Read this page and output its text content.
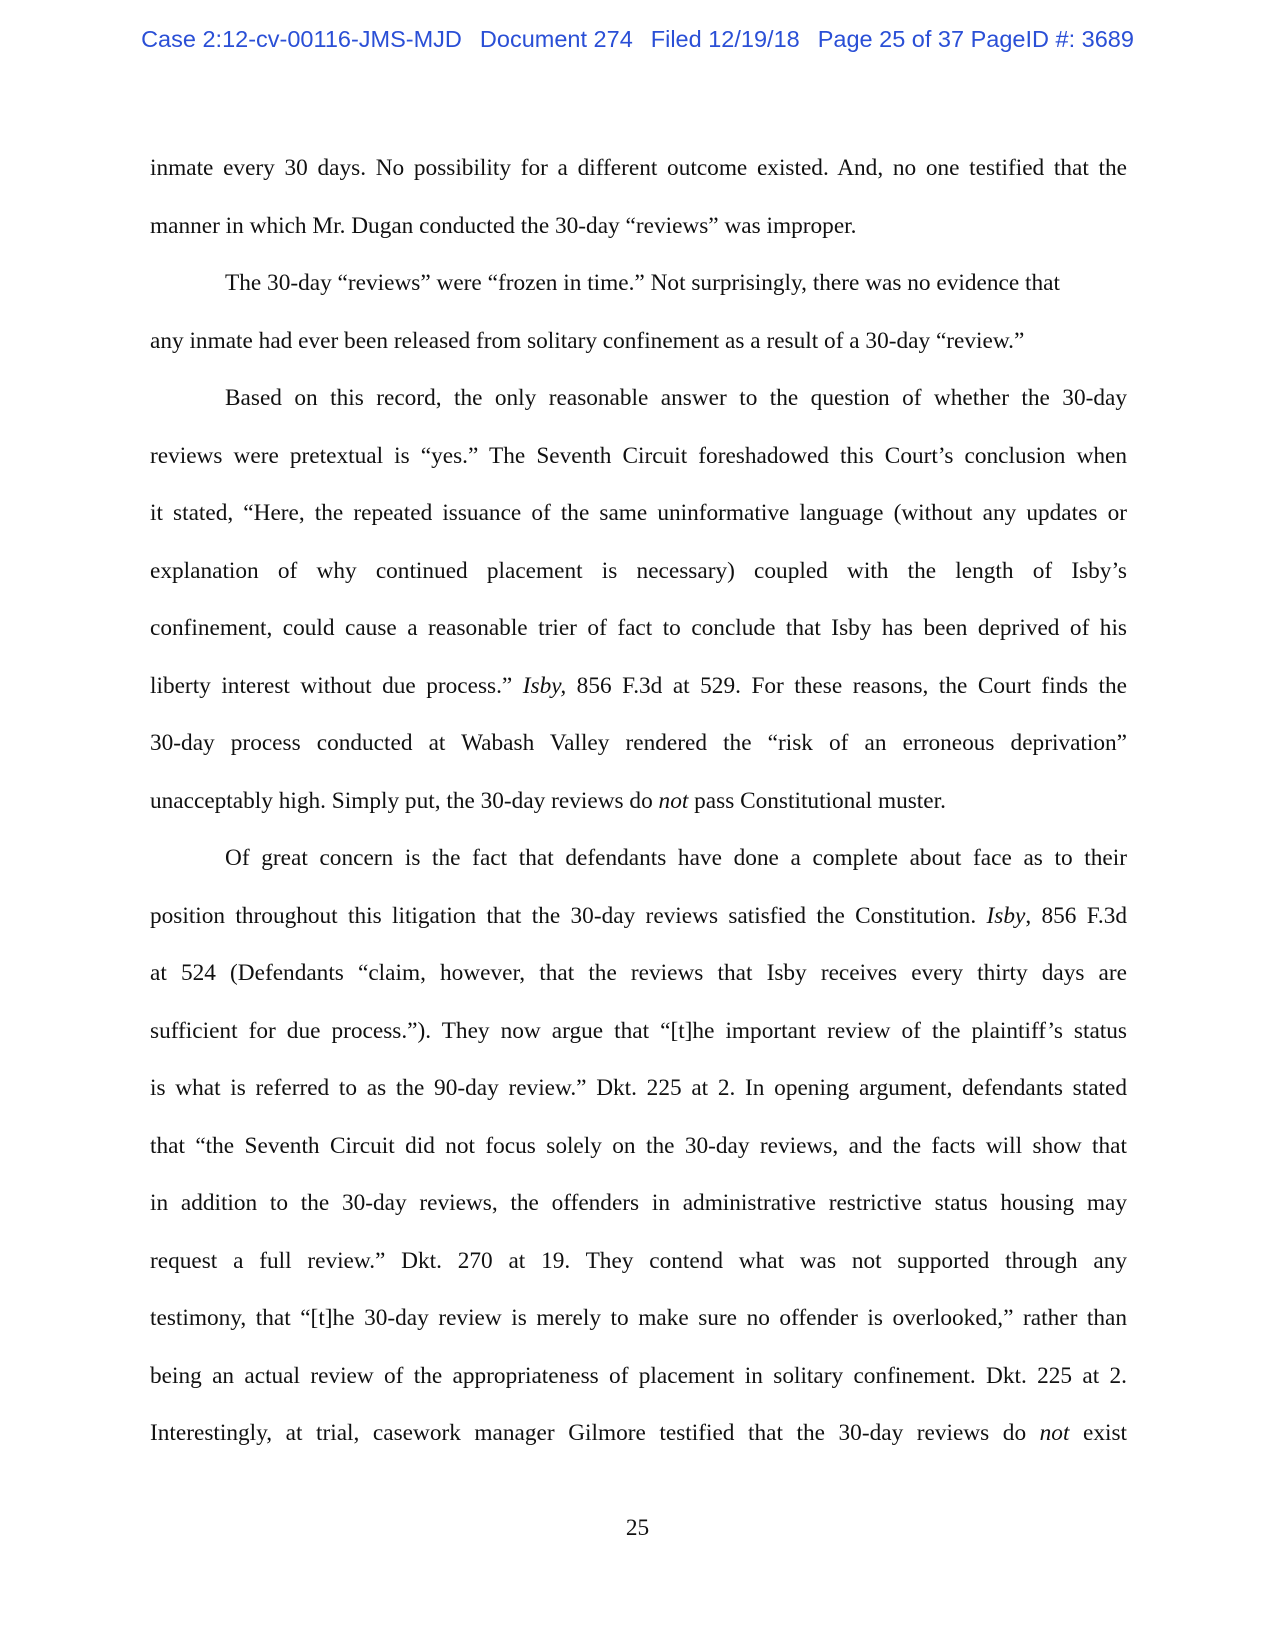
Case 2:12-cv-00116-JMS-MJD Document 274 Filed 12/19/18 Page 25 of 37 PageID #: 3689
inmate every 30 days. No possibility for a different outcome existed. And, no one testified that the
manner in which Mr. Dugan conducted the 30-day “reviews” was improper.
The 30-day “reviews” were “frozen in time.” Not surprisingly, there was no evidence that
any inmate had ever been released from solitary confinement as a result of a 30-day “review.”
Based on this record, the only reasonable answer to the question of whether the 30-day
reviews were pretextual is “yes.” The Seventh Circuit foreshadowed this Court’s conclusion when
it stated, “Here, the repeated issuance of the same uninformative language (without any updates or
explanation of why continued placement is necessary) coupled with the length of Isby’s
confinement, could cause a reasonable trier of fact to conclude that Isby has been deprived of his
liberty interest without due process.” Isby, 856 F.3d at 529. For these reasons, the Court finds the
30-day process conducted at Wabash Valley rendered the “risk of an erroneous deprivation”
unacceptably high. Simply put, the 30-day reviews do not pass Constitutional muster.
Of great concern is the fact that defendants have done a complete about face as to their
position throughout this litigation that the 30-day reviews satisfied the Constitution. Isby, 856 F.3d
at 524 (Defendants “claim, however, that the reviews that Isby receives every thirty days are
sufficient for due process.”). They now argue that “[t]he important review of the plaintiff’s status
is what is referred to as the 90-day review.” Dkt. 225 at 2. In opening argument, defendants stated
that “the Seventh Circuit did not focus solely on the 30-day reviews, and the facts will show that
in addition to the 30-day reviews, the offenders in administrative restrictive status housing may
request a full review.” Dkt. 270 at 19. They contend what was not supported through any
testimony, that “[t]he 30-day review is merely to make sure no offender is overlooked,” rather than
being an actual review of the appropriateness of placement in solitary confinement. Dkt. 225 at 2.
Interestingly, at trial, casework manager Gilmore testified that the 30-day reviews do not exist
25
